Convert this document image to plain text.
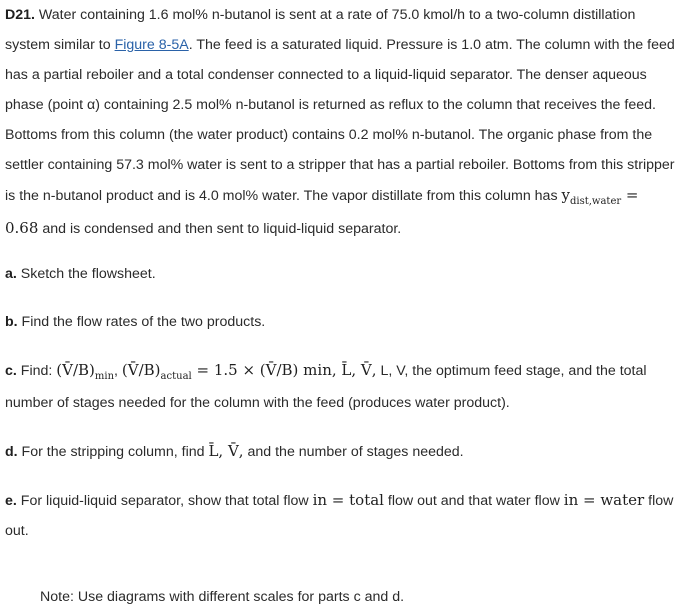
D21. Water containing 1.6 mol% n-butanol is sent at a rate of 75.0 kmol/h to a two-column distillation system similar to Figure 8-5A. The feed is a saturated liquid. Pressure is 1.0 atm. The column with the feed has a partial reboiler and a total condenser connected to a liquid-liquid separator. The denser aqueous phase (point α) containing 2.5 mol% n-butanol is returned as reflux to the column that receives the feed. Bottoms from this column (the water product) contains 0.2 mol% n-butanol. The organic phase from the settler containing 57.3 mol% water is sent to a stripper that has a partial reboiler. Bottoms from this stripper is the n-butanol product and is 4.0 mol% water. The vapor distillate from this column has $y_{dist,water} = 0.68$ and is condensed and then sent to liquid-liquid separator.
a. Sketch the flowsheet.
b. Find the flow rates of the two products.
c. Find: $(V̄/B)_{min}$, $(V̄/B)_{actual} = 1.5$ × (V̄/B) min, L̄, V̄, L, V, the optimum feed stage, and the total number of stages needed for the column with the feed (produces water product).
d. For the stripping column, find L̄, V̄, and the number of stages needed.
e. For liquid-liquid separator, show that total flow in = total flow out and that water flow in = water flow out.
Note: Use diagrams with different scales for parts c and d.
